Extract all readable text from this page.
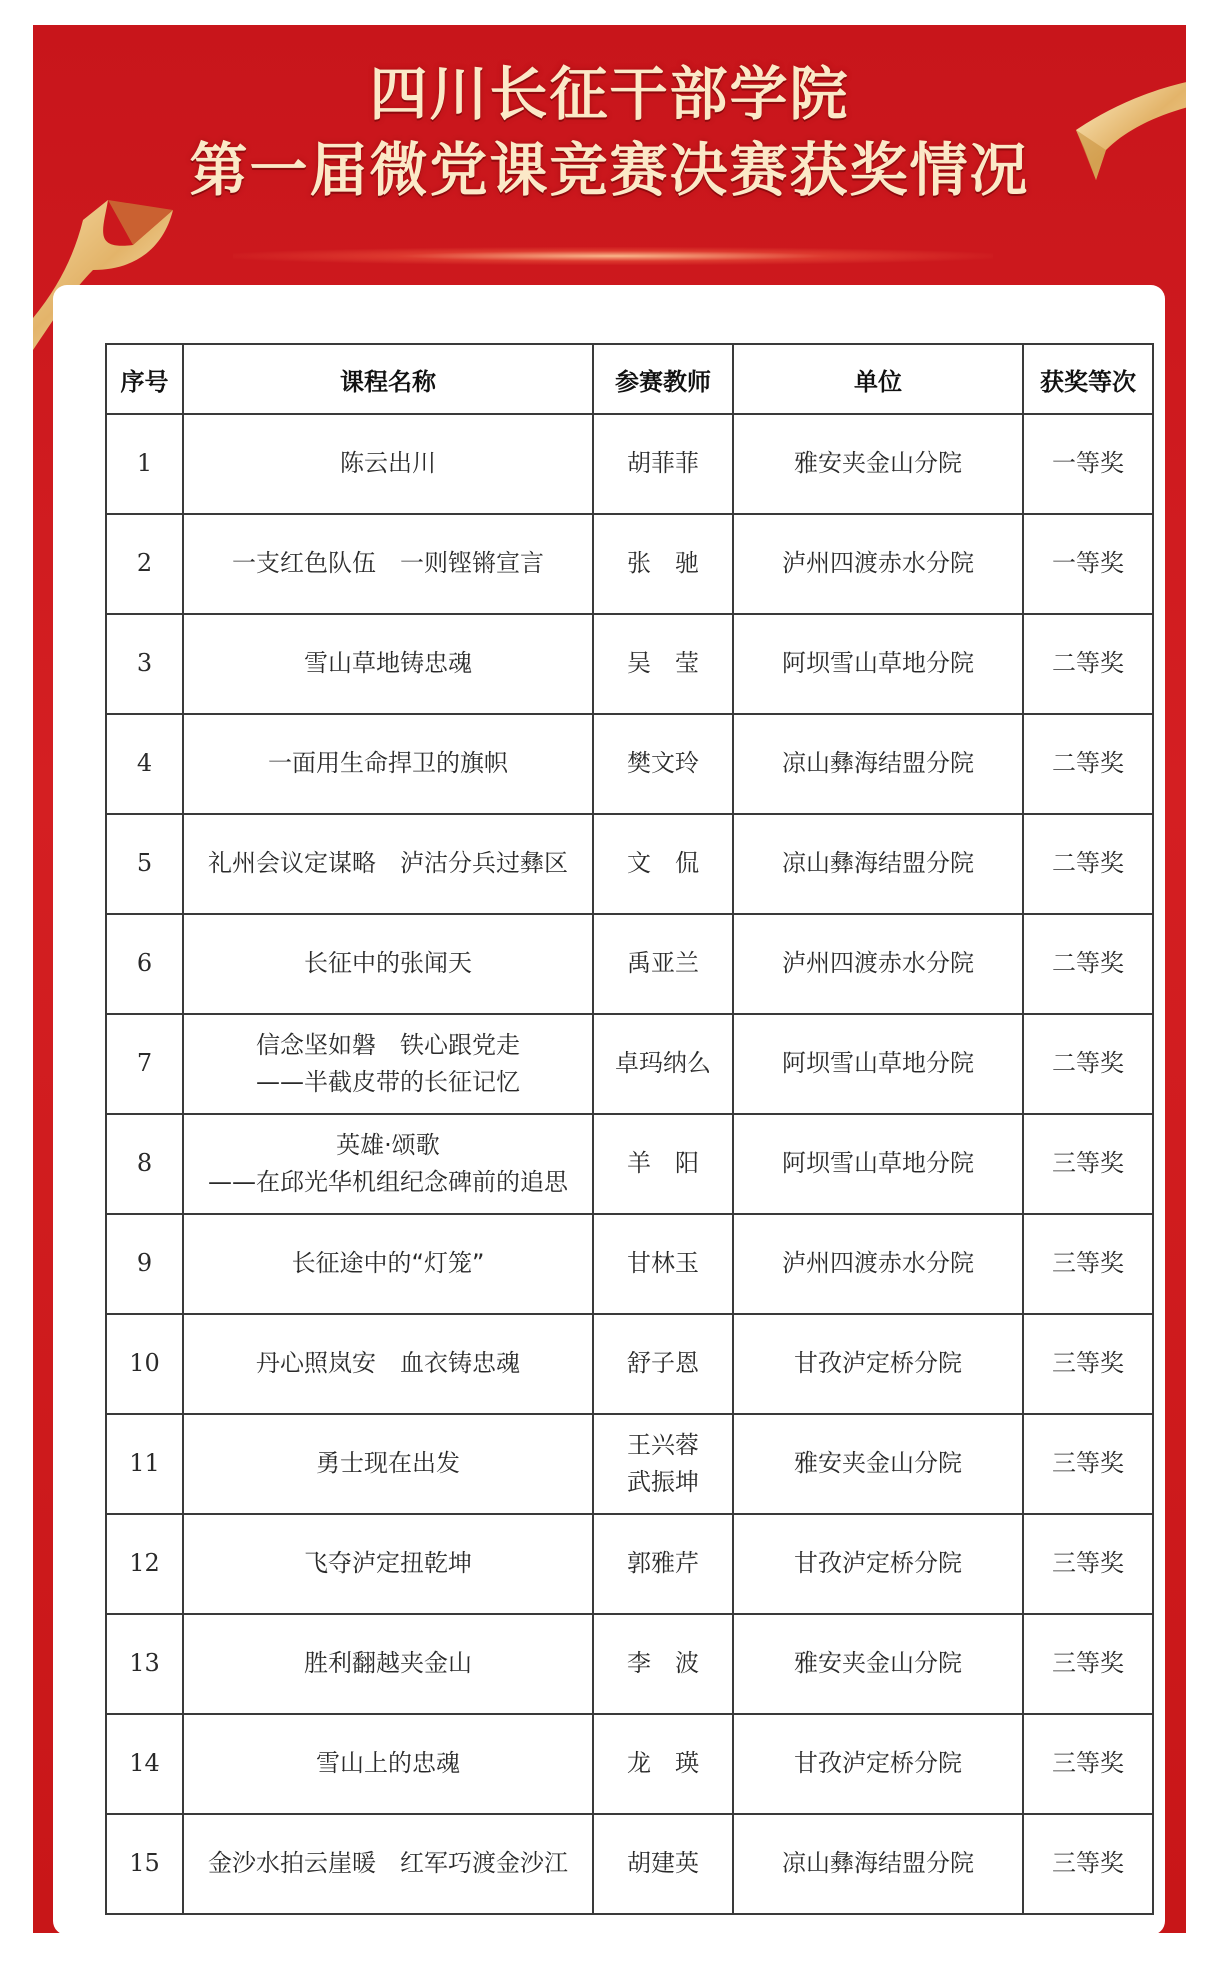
四川长征干部学院
第一届微党课竞赛决赛获奖情况
序号	课程名称	参赛教师	单位	获奖等次
1	陈云出川	胡菲菲	雅安夹金山分院	一等奖
2	一支红色队伍　一则铿锵宣言	张　驰	泸州四渡赤水分院	一等奖
3	雪山草地铸忠魂	吴　莹	阿坝雪山草地分院	二等奖
4	一面用生命捍卫的旗帜	樊文玲	凉山彝海结盟分院	二等奖
5	礼州会议定谋略　泸沽分兵过彝区	文　侃	凉山彝海结盟分院	二等奖
6	长征中的张闻天	禹亚兰	泸州四渡赤水分院	二等奖
7	信念坚如磐　铁心跟党走
——半截皮带的长征记忆	卓玛纳么	阿坝雪山草地分院	二等奖
8	英雄·颂歌
——在邱光华机组纪念碑前的追思	羊　阳	阿坝雪山草地分院	三等奖
9	长征途中的“灯笼”	甘林玉	泸州四渡赤水分院	三等奖
10	丹心照岚安　血衣铸忠魂	舒子恩	甘孜泸定桥分院	三等奖
11	勇士现在出发	王兴蓉
武振坤	雅安夹金山分院	三等奖
12	飞夺泸定扭乾坤	郭雅芹	甘孜泸定桥分院	三等奖
13	胜利翻越夹金山	李　波	雅安夹金山分院	三等奖
14	雪山上的忠魂	龙　瑛	甘孜泸定桥分院	三等奖
15	金沙水拍云崖暖　红军巧渡金沙江	胡建英	凉山彝海结盟分院	三等奖
